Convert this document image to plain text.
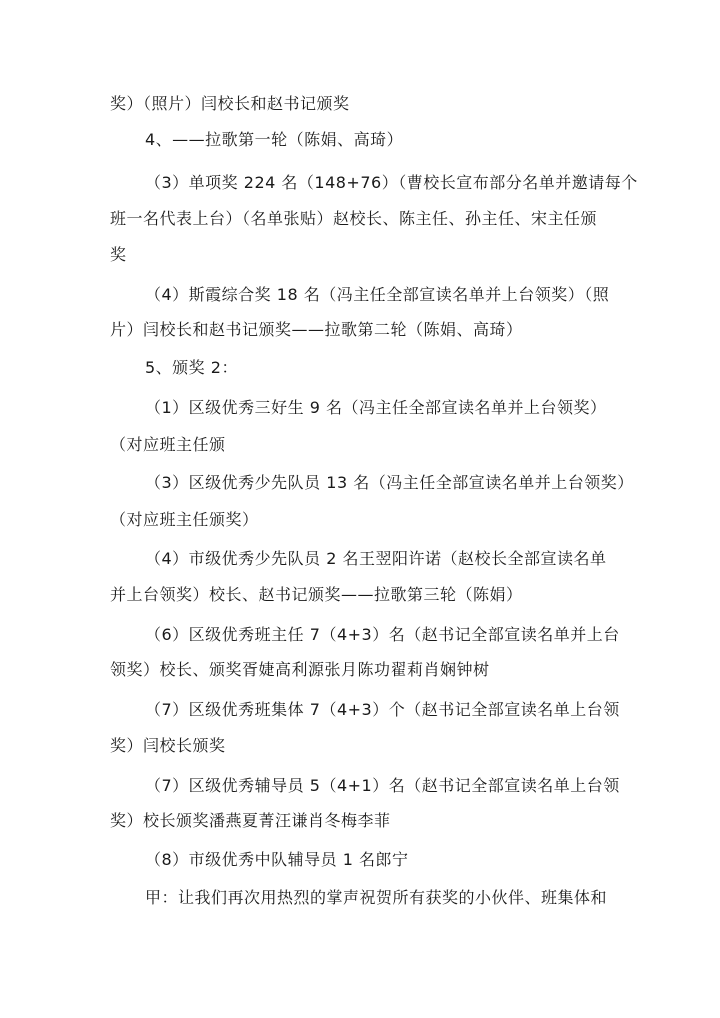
奖）（照片）闫校长和赵书记颁奖
4、——拉歌第一轮（陈娟、高琦）
（3）单项奖 224 名（148+76）（曹校长宣布部分名单并邀请每个
班一名代表上台）（名单张贴）赵校长、陈主任、孙主任、宋主任颁
奖
（4）斯霞综合奖 18 名（冯主任全部宣读名单并上台领奖）（照
片）闫校长和赵书记颁奖——拉歌第二轮（陈娟、高琦）
5、颁奖 2：
（1）区级优秀三好生 9 名（冯主任全部宣读名单并上台领奖）
（对应班主任颁
（3）区级优秀少先队员 13 名（冯主任全部宣读名单并上台领奖）
（对应班主任颁奖）
（4）市级优秀少先队员 2 名王翌阳许诺（赵校长全部宣读名单
并上台领奖）校长、赵书记颁奖——拉歌第三轮（陈娟）
（6）区级优秀班主任 7（4+3）名（赵书记全部宣读名单并上台
领奖）校长、颁奖胥婕高利源张月陈功翟莉肖娴钟树
（7）区级优秀班集体 7（4+3）个（赵书记全部宣读名单上台领
奖）闫校长颁奖
（7）区级优秀辅导员 5（4+1）名（赵书记全部宣读名单上台领
奖）校长颁奖潘燕夏菁汪谦肖冬梅李菲
（8）市级优秀中队辅导员 1 名郎宁
甲：让我们再次用热烈的掌声祝贺所有获奖的小伙伴、班集体和
